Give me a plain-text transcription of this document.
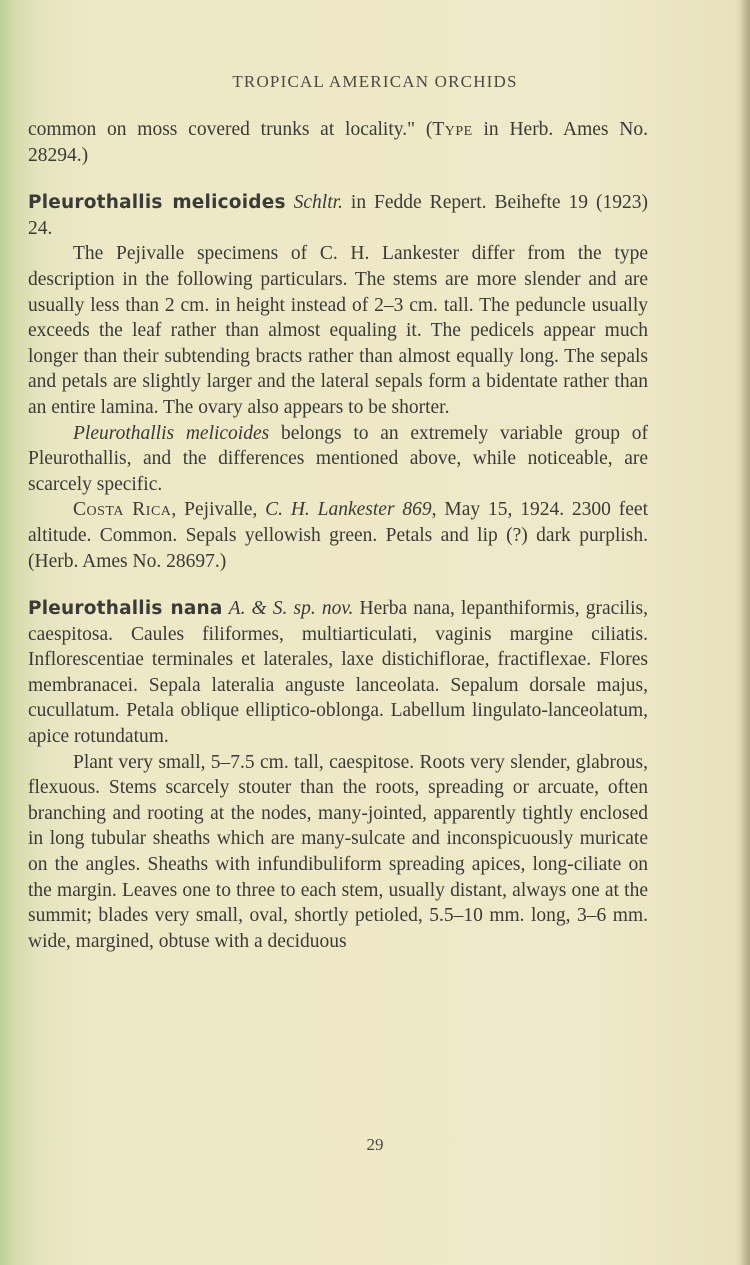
TROPICAL AMERICAN ORCHIDS

common on moss covered trunks at locality." (Type in Herb. Ames No. 28294.)

Pleurothallis melicoides Schltr. in Fedde Repert. Beihefte 19 (1923) 24.

The Pejivalle specimens of C. H. Lankester differ from the type description in the following particulars. The stems are more slender and are usually less than 2 cm. in height instead of 2–3 cm. tall. The peduncle usually exceeds the leaf rather than almost equaling it. The pedicels appear much longer than their subtending bracts rather than almost equally long. The sepals and petals are slightly larger and the lateral sepals form a bidentate rather than an entire lamina. The ovary also appears to be shorter.

Pleurothallis melicoides belongs to an extremely variable group of Pleurothallis, and the differences mentioned above, while noticeable, are scarcely specific.

Costa Rica, Pejivalle, C. H. Lankester 869, May 15, 1924. 2300 feet altitude. Common. Sepals yellowish green. Petals and lip (?) dark purplish. (Herb. Ames No. 28697.)

Pleurothallis nana A. & S. sp. nov. Herba nana, lepanthiformis, gracilis, caespitosa. Caules filiformes, multiarticulati, vaginis margine ciliatis. Inflorescentiae terminales et laterales, laxe distichiflorae, fractiflexae. Flores membranacei. Sepala lateralia anguste lanceolata. Sepalum dorsale majus, cucullatum. Petala oblique elliptico-oblonga. Labellum lingulato-lanceolatum, apice rotundatum.

Plant very small, 5–7.5 cm. tall, caespitose. Roots very slender, glabrous, flexuous. Stems scarcely stouter than the roots, spreading or arcuate, often branching and rooting at the nodes, many-jointed, apparently tightly enclosed in long tubular sheaths which are many-sulcate and inconspicuously muricate on the angles. Sheaths with infundibuliform spreading apices, long-ciliate on the margin. Leaves one to three to each stem, usually distant, always one at the summit; blades very small, oval, shortly petioled, 5.5–10 mm. long, 3–6 mm. wide, margined, obtuse with a deciduous

29
